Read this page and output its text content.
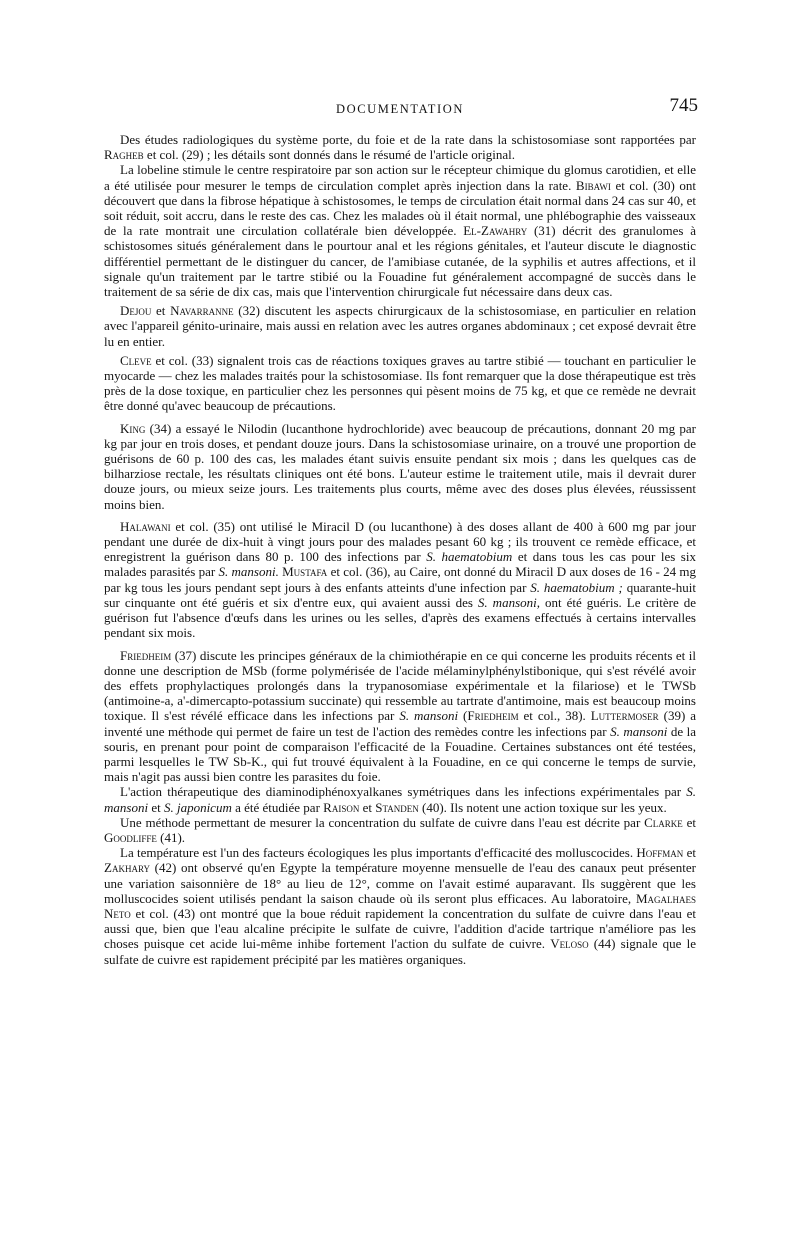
DOCUMENTATION	745

Des études radiologiques du système porte, du foie et de la rate dans la schistosomiase sont rapportées par Ragheb et col. (29) ; les détails sont donnés dans le résumé de l'article original.

La lobeline stimule le centre respiratoire par son action sur le récepteur chimique du glomus carotidien, et elle a été utilisée pour mesurer le temps de circulation complet après injection dans la rate. Bibawi et col. (30) ont découvert que dans la fibrose hépatique à schistosomes, le temps de circulation était normal dans 24 cas sur 40, et soit réduit, soit accru, dans le reste des cas. Chez les malades où il était normal, une phlébographie des vaisseaux de la rate montrait une circulation collatérale bien développée. El-Zawahry (31) décrit des granulomes à schistosomes situés généralement dans le pourtour anal et les régions génitales, et l'auteur discute le diagnostic différentiel permettant de le distinguer du cancer, de l'amibiase cutanée, de la syphilis et autres affections, et il signale qu'un traitement par le tartre stibié ou la Fouadine fut généralement accompagné de succès dans le traitement de sa série de dix cas, mais que l'intervention chirurgicale fut nécessaire dans deux cas.

Dejou et Navarranne (32) discutent les aspects chirurgicaux de la schistosomiase, en particulier en relation avec l'appareil génito-urinaire, mais aussi en relation avec les autres organes abdominaux ; cet exposé devrait être lu en entier.

Cleve et col. (33) signalent trois cas de réactions toxiques graves au tartre stibié — touchant en particulier le myocarde — chez les malades traités pour la schistosomiase. Ils font remarquer que la dose thérapeutique est très près de la dose toxique, en particulier chez les personnes qui pèsent moins de 75 kg, et que ce remède ne devrait être donné qu'avec beaucoup de précautions.

King (34) a essayé le Nilodin (lucanthone hydrochloride) avec beaucoup de précautions, donnant 20 mg par kg par jour en trois doses, et pendant douze jours. Dans la schistosomiase urinaire, on a trouvé une proportion de guérisons de 60 p. 100 des cas, les malades étant suivis ensuite pendant six mois ; dans les quelques cas de bilharziose rectale, les résultats cliniques ont été bons. L'auteur estime le traitement utile, mais il devrait durer douze jours, ou mieux seize jours. Les traitements plus courts, même avec des doses plus élevées, réussissent moins bien.

Halawani et col. (35) ont utilisé le Miracil D (ou lucanthone) à des doses allant de 400 à 600 mg par jour pendant une durée de dix-huit à vingt jours pour des malades pesant 60 kg ; ils trouvent ce remède efficace, et enregistrent la guérison dans 80 p. 100 des infections par S. haematobium et dans tous les cas pour les six malades parasités par S. mansoni. Mustafa et col. (36), au Caire, ont donné du Miracil D aux doses de 16 - 24 mg par kg tous les jours pendant sept jours à des enfants atteints d'une infection par S. haematobium ; quarante-huit sur cinquante ont été guéris et six d'entre eux, qui avaient aussi des S. mansoni, ont été guéris. Le critère de guérison fut l'absence d'œufs dans les urines ou les selles, d'après des examens effectués à certains intervalles pendant six mois.

Friedheim (37) discute les principes généraux de la chimiothérapie en ce qui concerne les produits récents et il donne une description de MSb (forme polymérisée de l'acide mélaminylphénylstibonique, qui s'est révélé avoir des effets prophylactiques prolongés dans la trypanosomiase expérimentale et la filariose) et le TWSb (antimoine-a, a'-dimercapto-potassium succinate) qui ressemble au tartrate d'antimoine, mais est beaucoup moins toxique. Il s'est révélé efficace dans les infections par S. mansoni (Friedheim et col., 38). Luttermoser (39) a inventé une méthode qui permet de faire un test de l'action des remèdes contre les infections par S. mansoni de la souris, en prenant pour point de comparaison l'efficacité de la Fouadine. Certaines substances ont été testées, parmi lesquelles le TW Sb-K., qui fut trouvé équivalent à la Fouadine, en ce qui concerne le temps de survie, mais n'agit pas aussi bien contre les parasites du foie.

L'action thérapeutique des diaminodiphénoxyalkanes symétriques dans les infections expérimentales par S. mansoni et S. japonicum a été étudiée par Raison et Standen (40). Ils notent une action toxique sur les yeux.

Une méthode permettant de mesurer la concentration du sulfate de cuivre dans l'eau est décrite par Clarke et Goodliffe (41).

La température est l'un des facteurs écologiques les plus importants d'efficacité des molluscocides. Hoffman et Zakhary (42) ont observé qu'en Egypte la température moyenne mensuelle de l'eau des canaux peut présenter une variation saisonnière de 18° au lieu de 12°, comme on l'avait estimé auparavant. Ils suggèrent que les molluscocides soient utilisés pendant la saison chaude où ils seront plus efficaces. Au laboratoire, Magalhaes Neto et col. (43) ont montré que la boue réduit rapidement la concentration du sulfate de cuivre dans l'eau et aussi que, bien que l'eau alcaline précipite le sulfate de cuivre, l'addition d'acide tartrique n'améliore pas les choses puisque cet acide lui-même inhibe fortement l'action du sulfate de cuivre. Veloso (44) signale que le sulfate de cuivre est rapidement précipité par les matières organiques.
